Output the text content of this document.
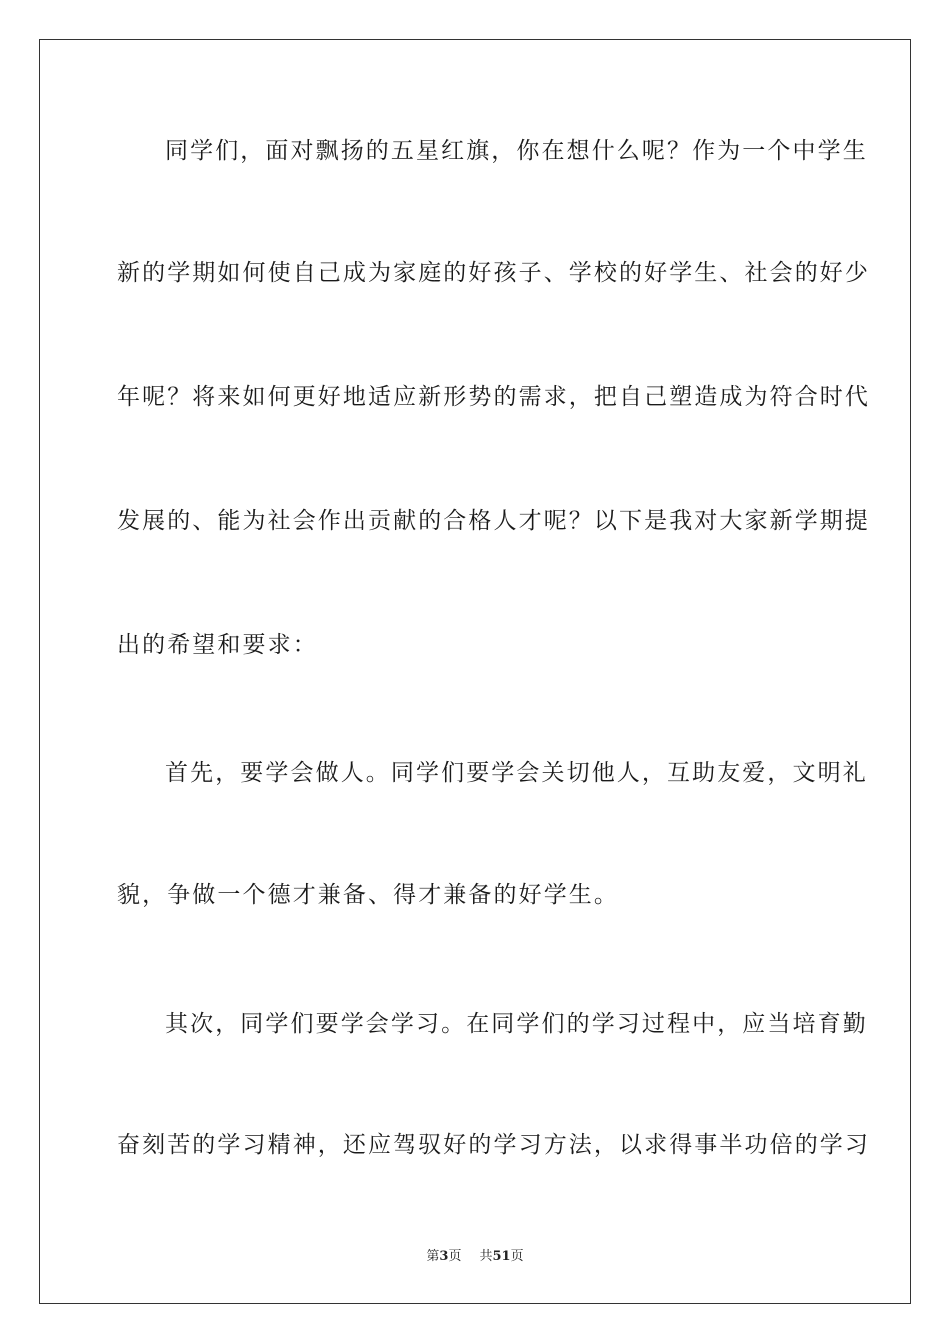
同学们，面对飘扬的五星红旗，你在想什么呢？作为一个中学生
新的学期如何使自己成为家庭的好孩子、学校的好学生、社会的好少
年呢？将来如何更好地适应新形势的需求，把自己塑造成为符合时代
发展的、能为社会作出贡献的合格人才呢？以下是我对大家新学期提
出的希望和要求：
首先，要学会做人。同学们要学会关切他人，互助友爱，文明礼
貌，争做一个德才兼备、得才兼备的好学生。
其次，同学们要学会学习。在同学们的学习过程中，应当培育勤
奋刻苦的学习精神，还应驾驭好的学习方法，以求得事半功倍的学习
第3页 共51页
